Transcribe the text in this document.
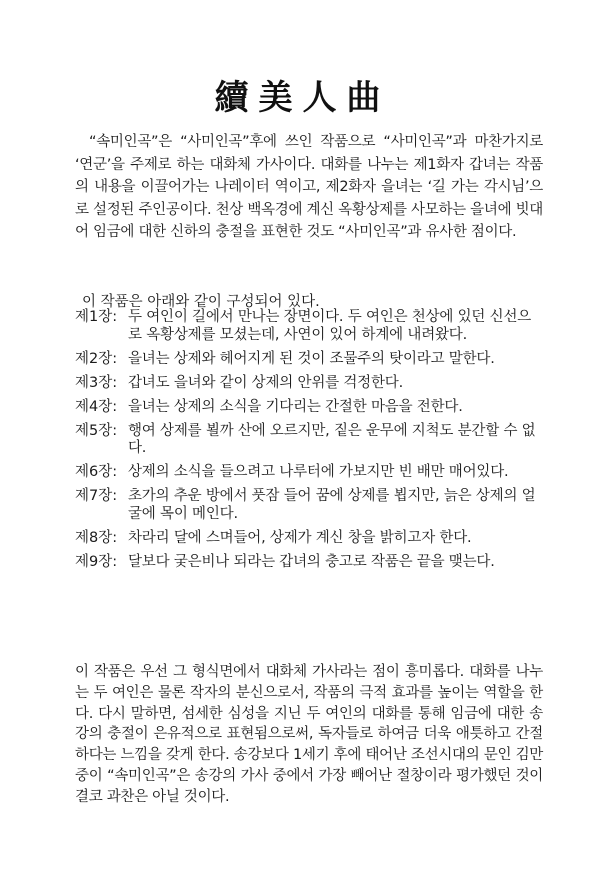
續美人曲

“속미인곡”은 “사미인곡”후에 쓰인 작품으로 “사미인곡”과 마찬가지로 ‘연군’을 주제로 하는 대화체 가사이다. 대화를 나누는 제1화자 갑녀는 작품의 내용을 이끌어가는 나레이터 역이고, 제2화자 을녀는 ‘길 가는 각시님’으로 설정된 주인공이다. 천상 백옥경에 계신 옥황상제를 사모하는 을녀에 빗대어 임금에 대한 신하의 충절을 표현한 것도 “사미인곡”과 유사한 점이다.

이 작품은 아래와 같이 구성되어 있다.
제1장: 두 여인이 길에서 만나는 장면이다. 두 여인은 천상에 있던 신선으로 옥황상제를 모셨는데, 사연이 있어 하계에 내려왔다.
제2장: 을녀는 상제와 헤어지게 된 것이 조물주의 탓이라고 말한다.
제3장: 갑녀도 을녀와 같이 상제의 안위를 걱정한다.
제4장: 을녀는 상제의 소식을 기다리는 간절한 마음을 전한다.
제5장: 행여 상제를 뵐까 산에 오르지만, 짙은 운무에 지척도 분간할 수 없다.
제6장: 상제의 소식을 들으려고 나루터에 가보지만 빈 배만 매어있다.
제7장: 초가의 추운 방에서 풋잠 들어 꿈에 상제를 뵙지만, 늙은 상제의 얼굴에 목이 메인다.
제8장: 차라리 달에 스며들어, 상제가 계신 창을 밝히고자 한다.
제9장: 달보다 궂은비나 되라는 갑녀의 충고로 작품은 끝을 맺는다.

이 작품은 우선 그 형식면에서 대화체 가사라는 점이 흥미롭다. 대화를 나누는 두 여인은 물론 작자의 분신으로서, 작품의 극적 효과를 높이는 역할을 한다. 다시 말하면, 섬세한 심성을 지닌 두 여인의 대화를 통해 임금에 대한 송강의 충절이 은유적으로 표현됨으로써, 독자들로 하여금 더욱 애틋하고 간절하다는 느낌을 갖게 한다. 송강보다 1세기 후에 태어난 조선시대의 문인 김만중이 “속미인곡”은 송강의 가사 중에서 가장 빼어난 절창이라 평가했던 것이 결코 과찬은 아닐 것이다.
